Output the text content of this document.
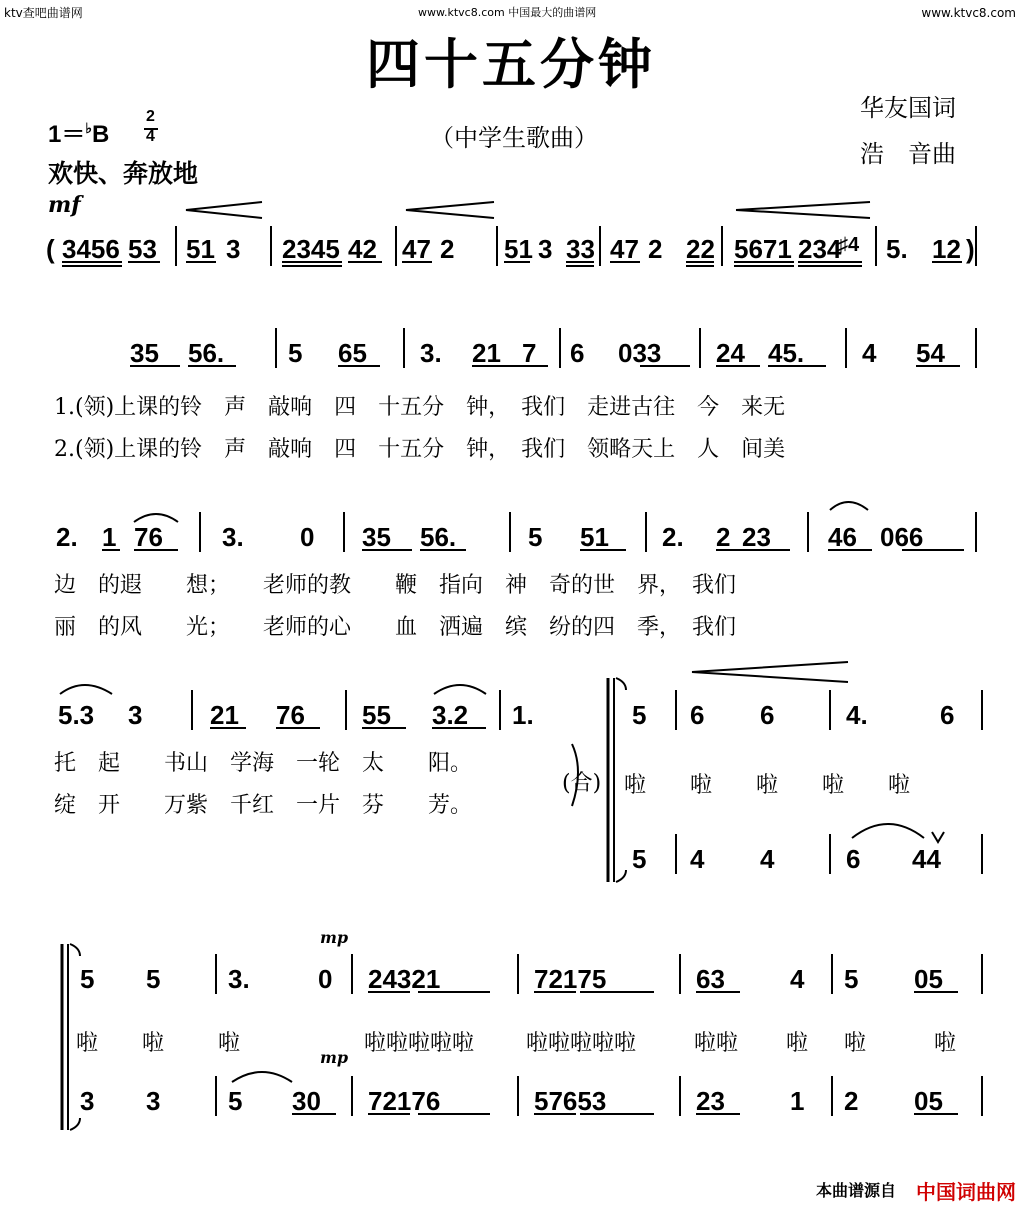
ktv查吧曲谱网	www.ktvc8.com 中国最大的曲谱网	www.ktvc8.com
四十五分钟
（中学生歌曲）
华友国词
浩　音曲
1＝♭B
2
4
欢快、奔放地
mf
( 3456 53 51 3 2345 42 47 2 51 3 33 47 2 22 5671 234
♯4 5. 12 )
35 56. 5 65 3. 21 7 6 033 24 45. 4 54
1.(领)上课的铃　声　敲响　四　十五分　钟，　我们　走进古往　今　来无
2.(领)上课的铃　声　敲响　四　十五分　钟，　我们　领略天上　人　间美
2. 1 76 3. 0 35 56.	5 51 2. 2 23 46 066
边　的遐　　想；　　老师的教　　鞭　指向　神　奇的世　界，　我们
丽　的风　　光；　　老师的心　　血　洒遍　缤　纷的四　季，　我们
5.3 3	21 76 55 3.2 1.	5 6 6	4.	6
托　起　　书山　学海　一轮　太　　阳。
绽　开　　万紫　千红　一片　芬　　芳。
(合) 啦　　啦　　啦　　啦　　啦
5 4 4	6 44
mp
5 5	3.	0 24321	72175	63	4 5 05
啦 啦 啦	啦啦啦啦啦 啦啦啦啦啦	啦啦 啦 啦	啦
mp
3 3	5 30 72176	57653	23	1 2 05
本曲谱源自 中国词曲网
